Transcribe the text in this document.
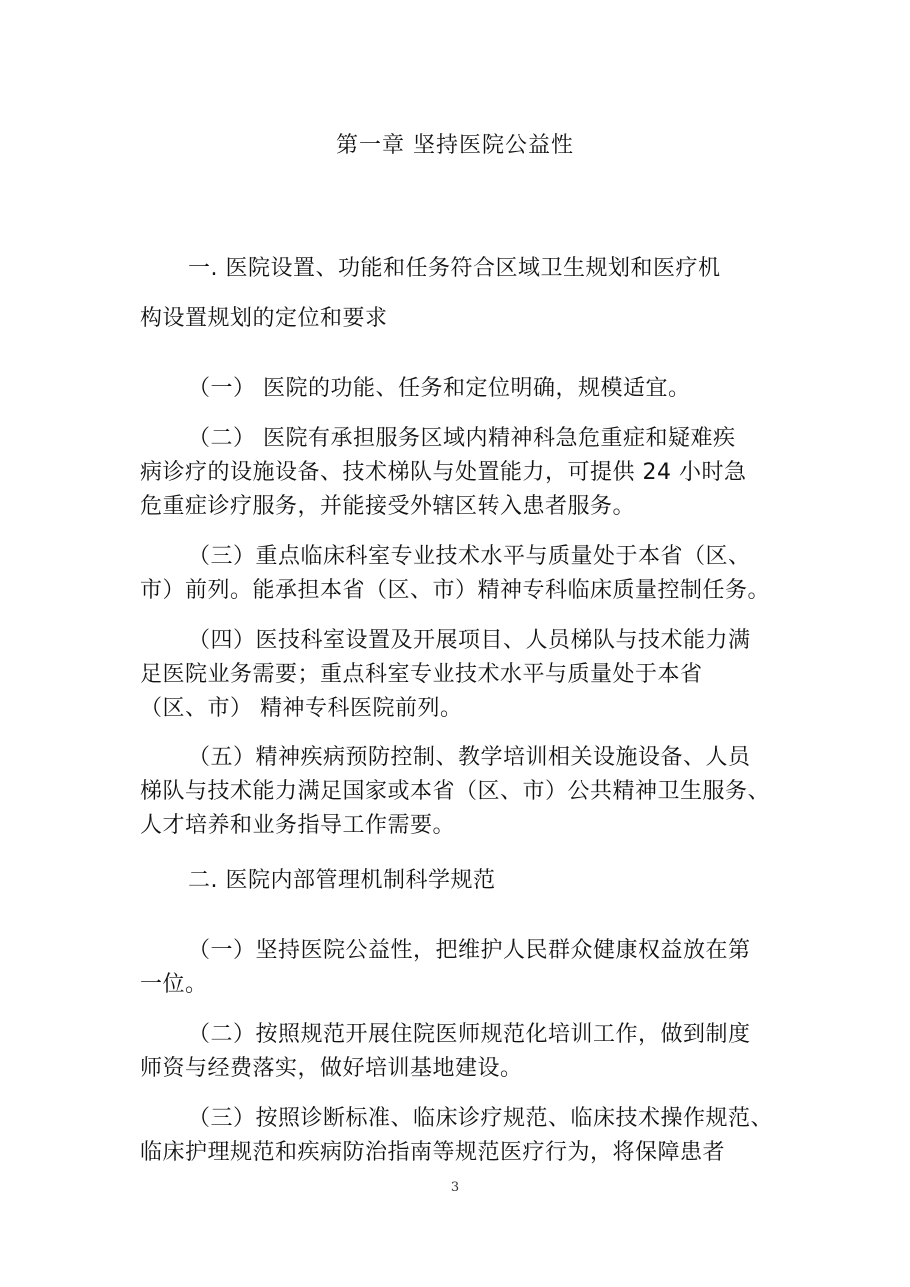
第一章 坚持医院公益性
一. 医院设置、功能和任务符合区域卫生规划和医疗机
构设置规划的定位和要求
（一） 医院的功能、任务和定位明确，规模适宜。
（二） 医院有承担服务区域内精神科急危重症和疑难疾
病诊疗的设施设备、技术梯队与处置能力，可提供 24 小时急
危重症诊疗服务，并能接受外辖区转入患者服务。
（三）重点临床科室专业技术水平与质量处于本省（区、
市）前列。能承担本省（区、市）精神专科临床质量控制任务。
（四）医技科室设置及开展项目、人员梯队与技术能力满
足医院业务需要；重点科室专业技术水平与质量处于本省
（区、市） 精神专科医院前列。
（五）精神疾病预防控制、教学培训相关设施设备、人员
梯队与技术能力满足国家或本省（区、市）公共精神卫生服务、
人才培养和业务指导工作需要。
二. 医院内部管理机制科学规范
（一）坚持医院公益性，把维护人民群众健康权益放在第
一位。
（二）按照规范开展住院医师规范化培训工作，做到制度
师资与经费落实，做好培训基地建设。
（三）按照诊断标准、临床诊疗规范、临床技术操作规范、
临床护理规范和疾病防治指南等规范医疗行为，将保障患者
3
